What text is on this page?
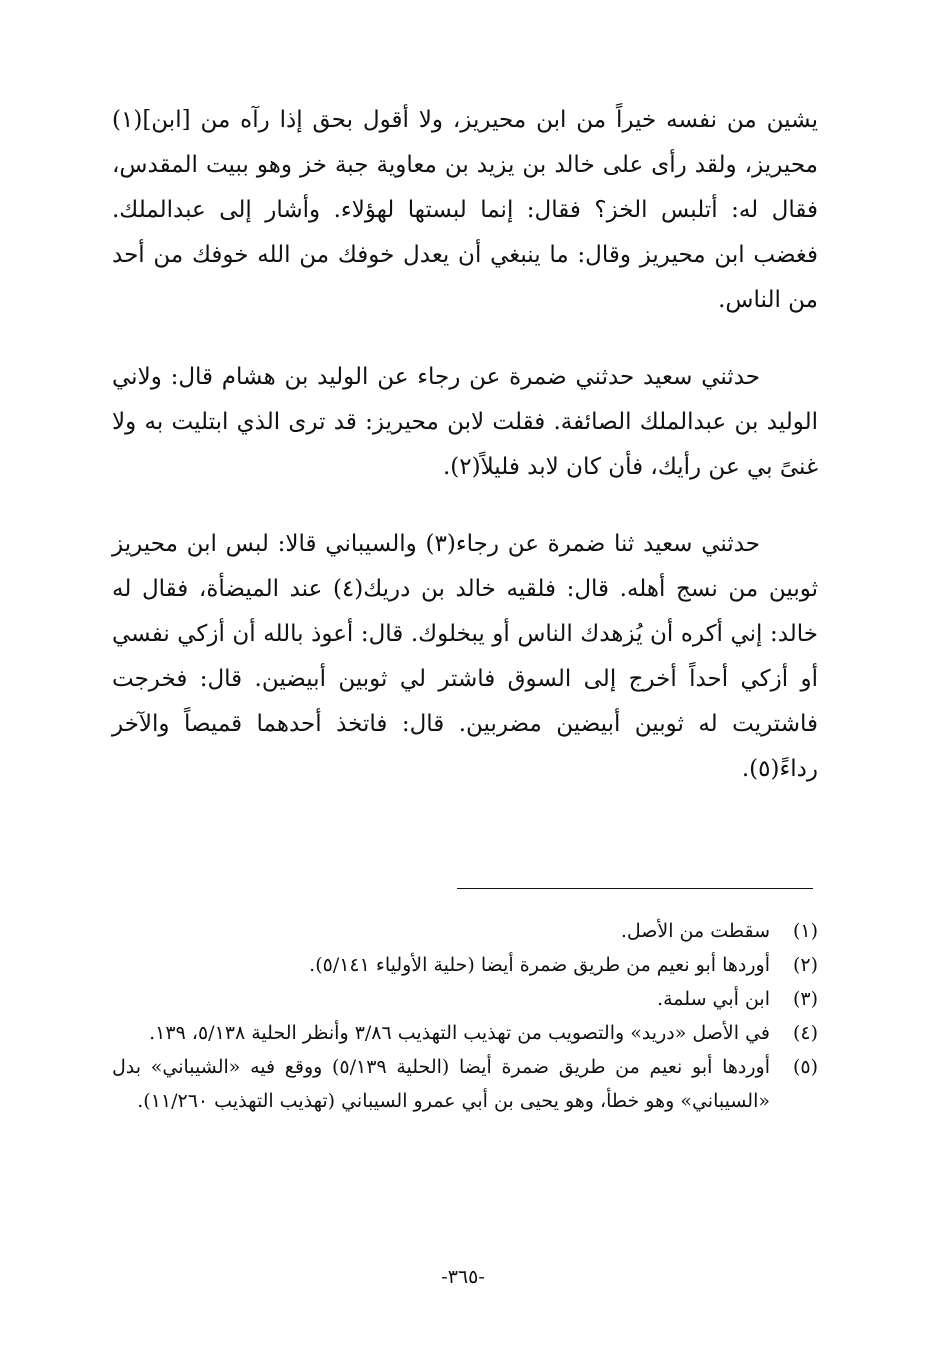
يشين من نفسه خيراً من ابن محيريز، ولا أقول بحق إذا رآه من [ابن](١) محيريز، ولقد رأى على خالد بن يزيد بن معاوية جبة خز وهو ببيت المقدس، فقال له: أتلبس الخز؟ فقال: إنما لبستها لهؤلاء. وأشار إلى عبدالملك. فغضب ابن محيريز وقال: ما ينبغي أن يعدل خوفك من الله خوفك من أحد من الناس.

حدثني سعيد حدثني ضمرة عن رجاء عن الوليد بن هشام قال: ولاني الوليد بن عبدالملك الصائفة. فقلت لابن محيريز: قد ترى الذي ابتليت به ولا غنىً بي عن رأيك، فأن كان لابد فليلاً(٢).

حدثني سعيد ثنا ضمرة عن رجاء(٣) والسيباني قالا: لبس ابن محيريز ثوبين من نسج أهله. قال: فلقيه خالد بن دريك(٤) عند الميضأة، فقال له خالد: إني أكره أن يُزهدك الناس أو يبخلوك. قال: أعوذ بالله أن أزكي نفسي أو أزكي أحداً أخرج إلى السوق فاشتر لي ثوبين أبيضين. قال: فخرجت فاشتريت له ثوبين أبيضين مضربين. قال: فاتخذ أحدهما قميصاً والآخر رداءً(٥).

(١)
سقطت من الأصل.
(٢)
أوردها أبو نعيم من طريق ضمرة أيضا (حلية الأولياء ٥/١٤١).
(٣)
ابن أبي سلمة.
(٤)
في الأصل «دريد» والتصويب من تهذيب التهذيب ٣/٨٦ وأنظر الحلية ٥/١٣٨، ١٣٩.
(٥)
أوردها أبو نعيم من طريق ضمرة أيضا (الحلية ٥/١٣٩) ووقع فيه «الشيباني» بدل «السيباني» وهو خطأ، وهو يحيى بن أبي عمرو السيباني (تهذيب التهذيب ١١/٢٦٠).
-٣٦٥-
